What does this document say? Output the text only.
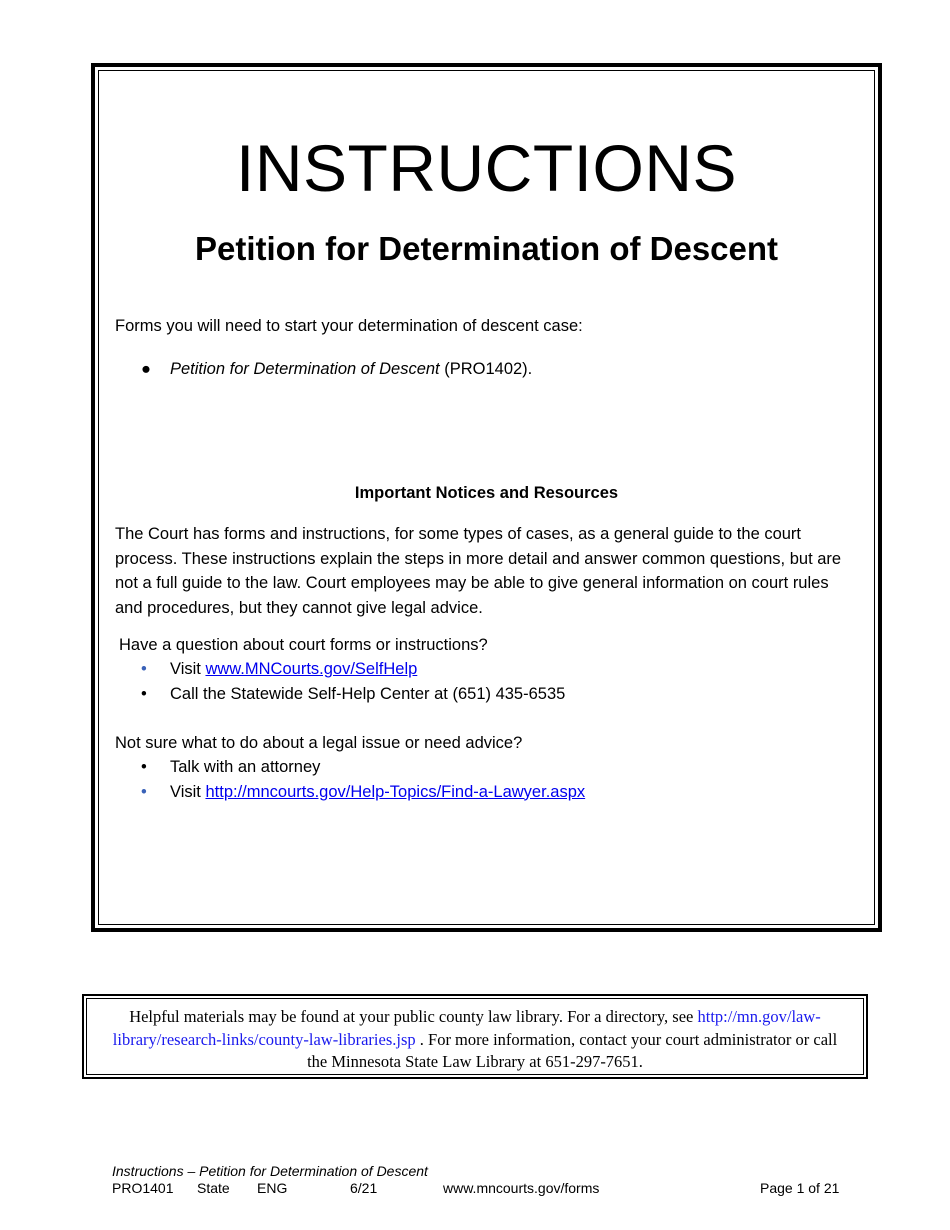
INSTRUCTIONS
Petition for Determination of Descent
Forms you will need to start your determination of descent case:
● Petition for Determination of Descent (PRO1402).
Important Notices and Resources
The Court has forms and instructions, for some types of cases, as a general guide to the court process. These instructions explain the steps in more detail and answer common questions, but are not a full guide to the law. Court employees may be able to give general information on court rules and procedures, but they cannot give legal advice.
Have a question about court forms or instructions?
• Visit www.MNCourts.gov/SelfHelp
• Call the Statewide Self-Help Center at (651) 435-6535
Not sure what to do about a legal issue or need advice?
• Talk with an attorney
• Visit http://mncourts.gov/Help-Topics/Find-a-Lawyer.aspx
Helpful materials may be found at your public county law library. For a directory, see http://mn.gov/law-
library/research-links/county-law-libraries.jsp . For more information, contact your court administrator or call
the Minnesota State Law Library at 651-297-7651.
Instructions – Petition for Determination of Descent
PRO1401 State ENG	6/21	www.mncourts.gov/forms	Page 1 of 21
